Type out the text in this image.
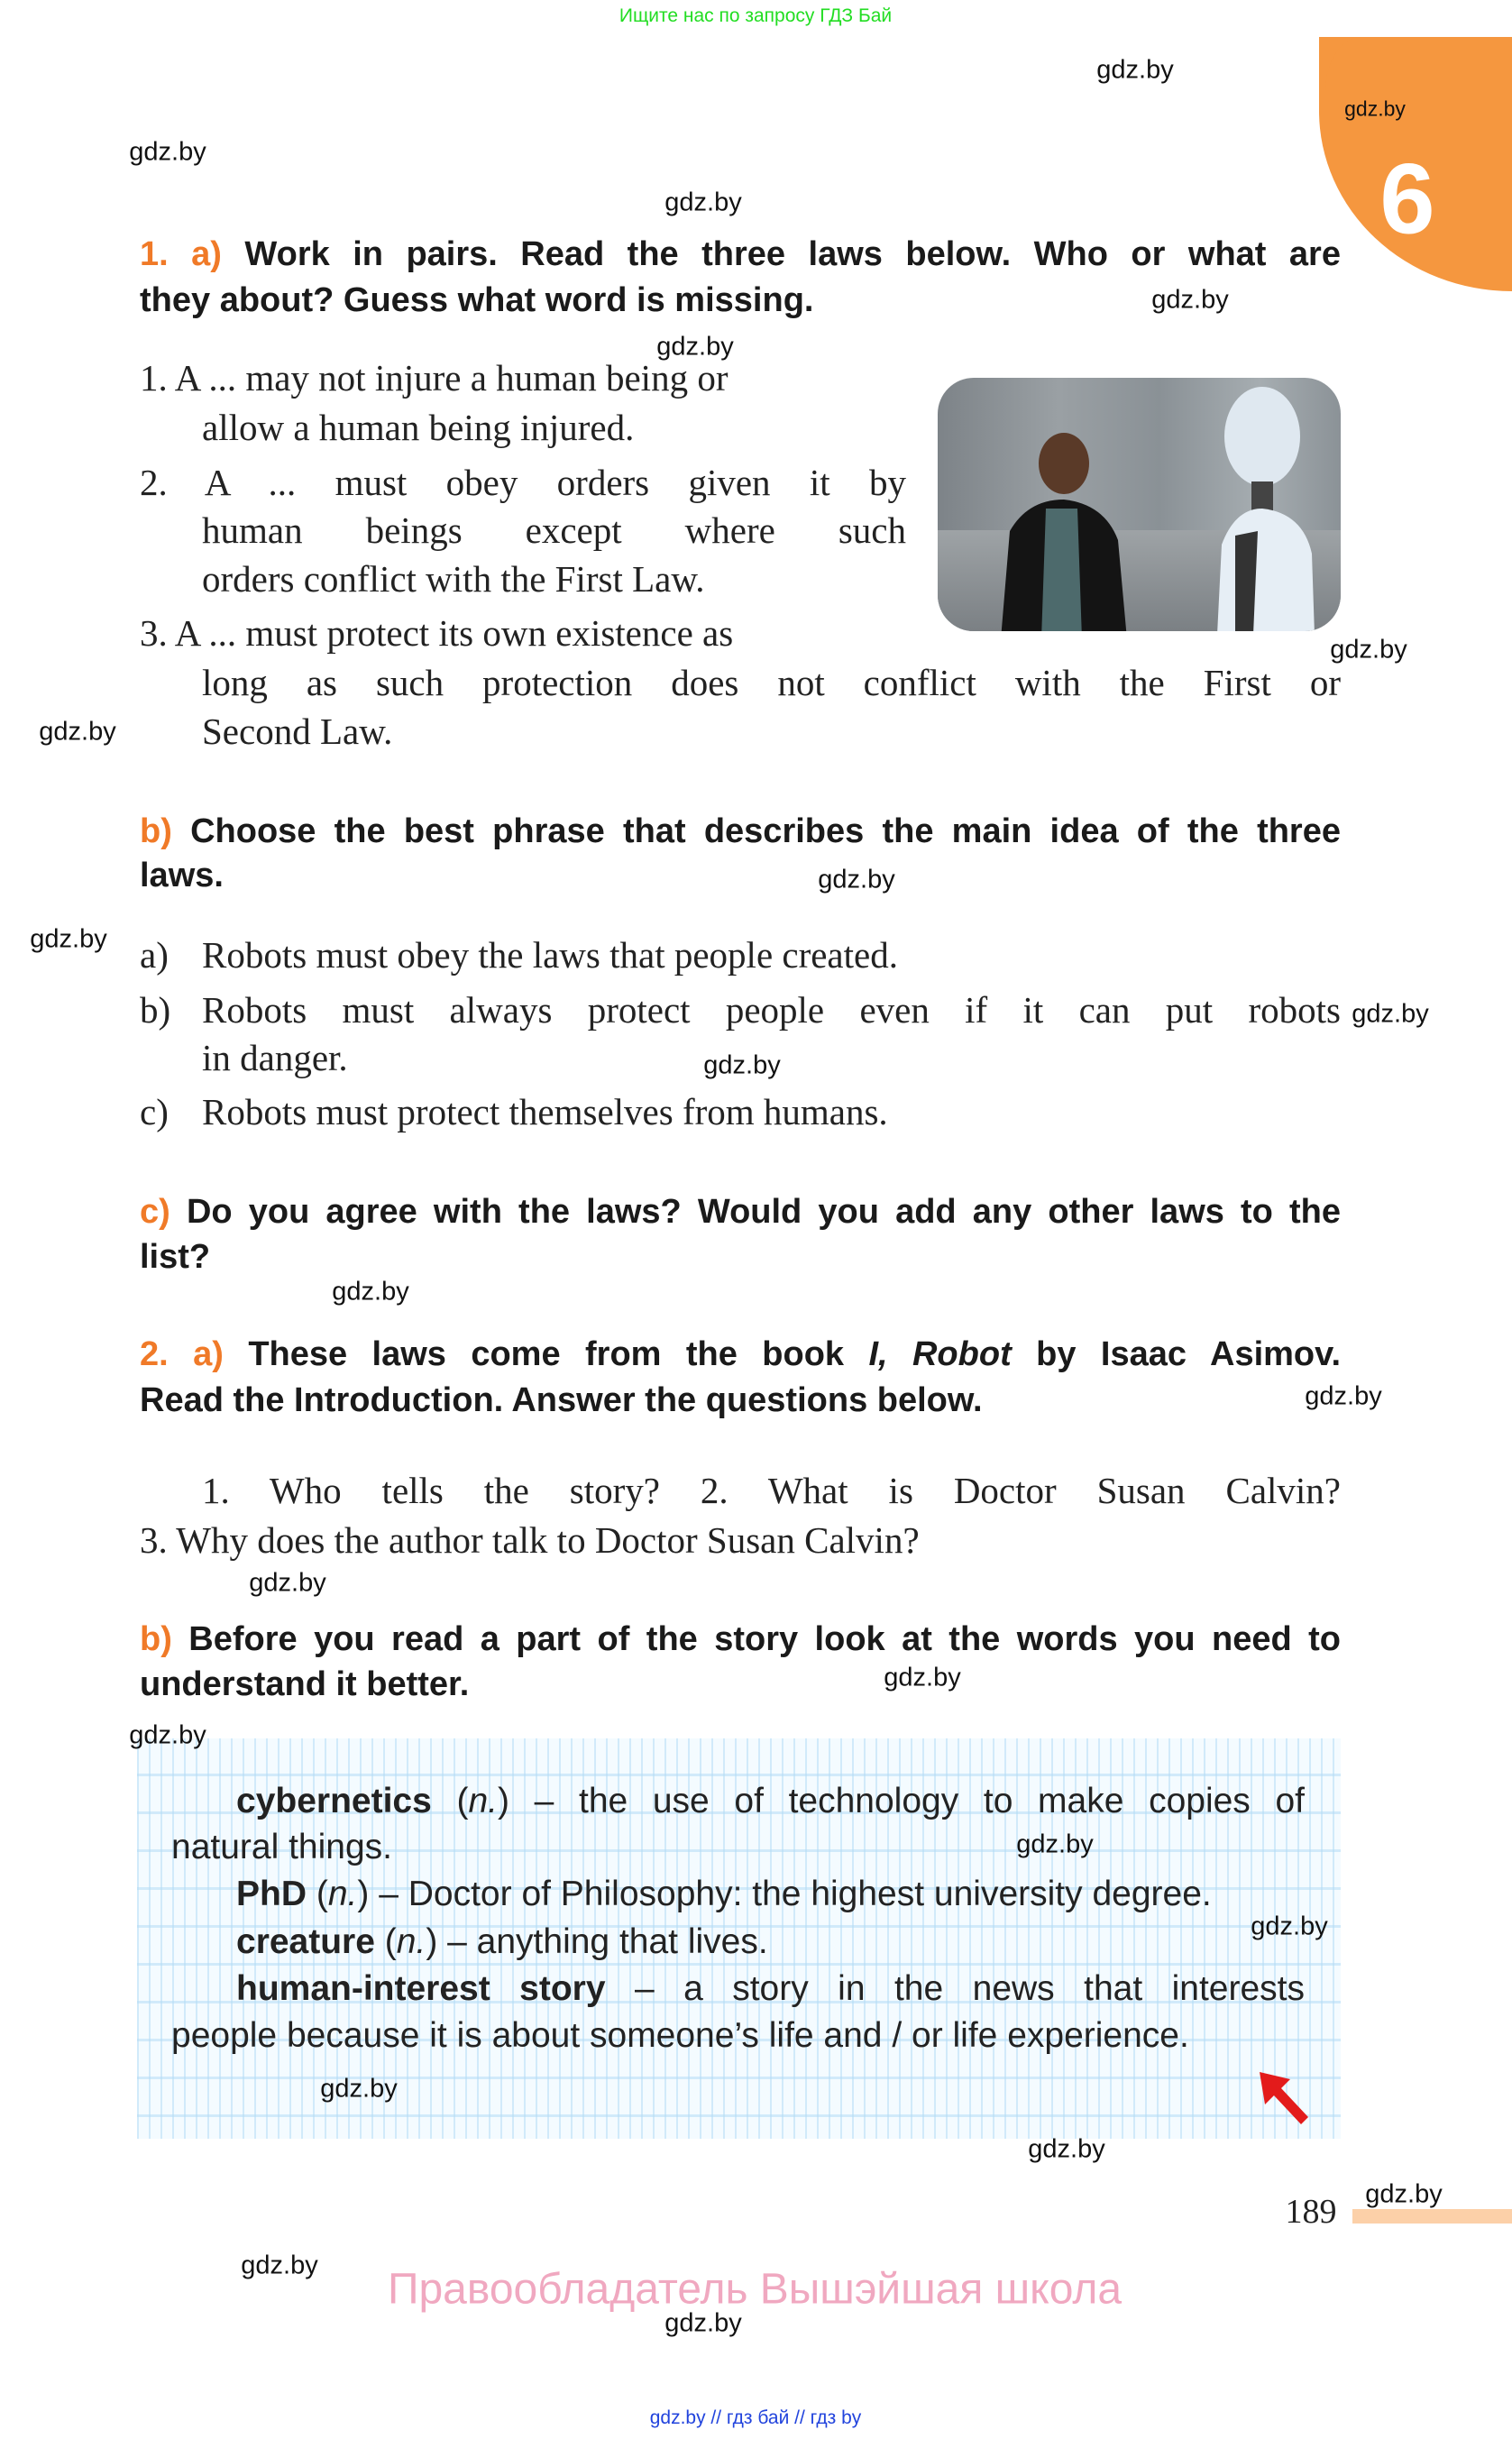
Ищите нас по запросу ГДЗ Бай
6
1. a) Work in pairs. Read the three laws below. Who or what are
they about? Guess what word is missing.
1. A ... may not injure a human being or
allow a human being injured.
2. A ... must obey orders given it by
human beings except where such
orders conflict with the First Law.
3. A ... must protect its own existence as
long as such protection does not conflict with the First or
Second Law.
b) Choose the best phrase that describes the main idea of the three
laws.
a) Robots must obey the laws that people created.
b) Robots must always protect people even if it can put robots
in danger.
c) Robots must protect themselves from humans.
c) Do you agree with the laws? Would you add any other laws to the
list?
2. a) These laws come from the book I, Robot by Isaac Asimov.
Read the Introduction. Answer the questions below.
1. Who tells the story? 2. What is Doctor Susan Calvin?
3. Why does the author talk to Doctor Susan Calvin?
b) Before you read a part of the story look at the words you need to
understand it better.
cybernetics (n.) – the use of technology to make copies of
natural things.
PhD (n.) – Doctor of Philosophy: the highest university degree.
creature (n.) – anything that lives.
human-interest story – a story in the news that interests
people because it is about someone’s life and / or life experience.
189
Правообладатель Вышэйшая школа
gdz.by // гдз бай // гдз by
gdz.by
gdz.by
gdz.by
gdz.by
gdz.by
gdz.by
gdz.by
gdz.by
gdz.by
gdz.by
gdz.by
gdz.by
gdz.by
gdz.by
gdz.by
gdz.by
gdz.by
gdz.by
gdz.by
gdz.by
gdz.by
gdz.by
gdz.by
gdz.by
